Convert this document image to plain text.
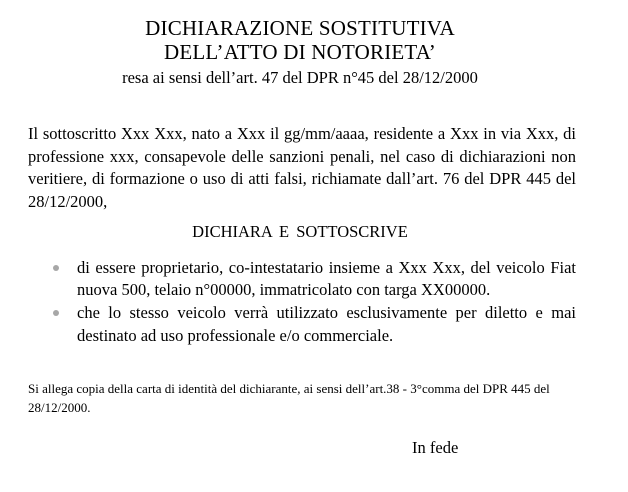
DICHIARAZIONE SOSTITUTIVA
DELL’ATTO DI NOTORIETA’
resa ai sensi dell’art. 47 del DPR n°45 del 28/12/2000
Il sottoscritto Xxx Xxx, nato a Xxx il gg/mm/aaaa, residente a Xxx in via Xxx, di professione xxx, consapevole delle sanzioni penali, nel caso di dichiarazioni non veritiere, di formazione o uso di atti falsi, richiamate dall’art. 76 del DPR 445 del 28/12/2000,
DICHIARA E SOTTOSCRIVE
di essere proprietario, co-intestatario insieme a Xxx Xxx, del veicolo Fiat nuova 500, telaio n°00000, immatricolato con targa XX00000.
che lo stesso veicolo verrà utilizzato esclusivamente per diletto e mai destinato ad uso professionale e/o commerciale.
Si allega copia della carta di identità del dichiarante, ai sensi dell’art.38 - 3°comma del DPR 445 del 28/12/2000.
In fede
